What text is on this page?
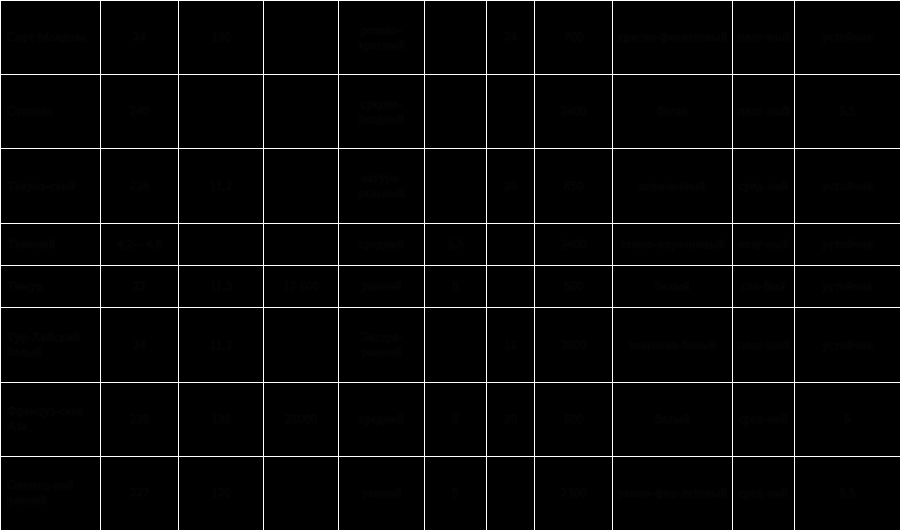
Сорт Молдова	24	130		розово-красный		24	700	красно-фиолетовый	плот-ный	устойчив
Степняк	240			средне-поздний			2400	белая	плот-ный	5,5
Тавриз-ский	228	11,2		натура-ральный		20	850	коричневый	сред-ний	устойчив
Тамяний	4,2—4,6			средний	5,5		2400	темно-коричневый	незу-ный	устойчив
Тимур	22	11,3	17 600	ранний	8		600	белый	сла-бый	устойчив
Тур-Хейский белый	24	11,2		Экстра-ранний		12	3000	зеленова-белый	плот-ный	устойчив
Француз-ская Аза	228	130	20000	средний	6	20	600	белый	сред-ний	5
Олонец-кий ранний	227	120		ранний	5		2300	темно-фио-летовый	сред-ний	5,5
